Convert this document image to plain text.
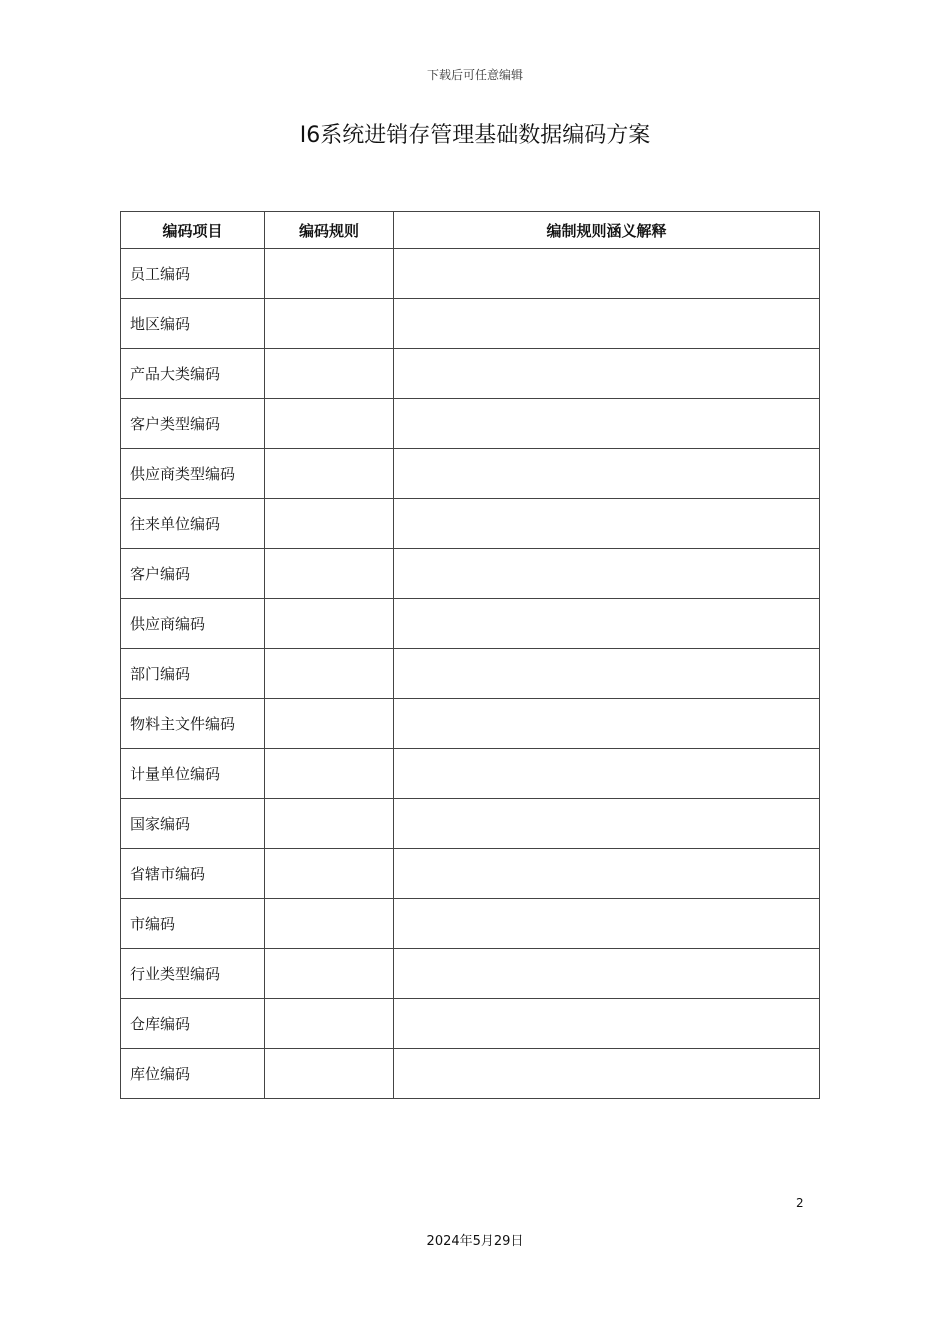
下载后可任意编辑
I6系统进销存管理基础数据编码方案
编码项目	编码规则	编制规则涵义解释
员工编码		
地区编码		
产品大类编码		
客户类型编码		
供应商类型编码		
往来单位编码		
客户编码		
供应商编码		
部门编码		
物料主文件编码		
计量单位编码		
国家编码		
省辖市编码		
市编码		
行业类型编码		
仓库编码		
库位编码		
2
2024年5月29日
